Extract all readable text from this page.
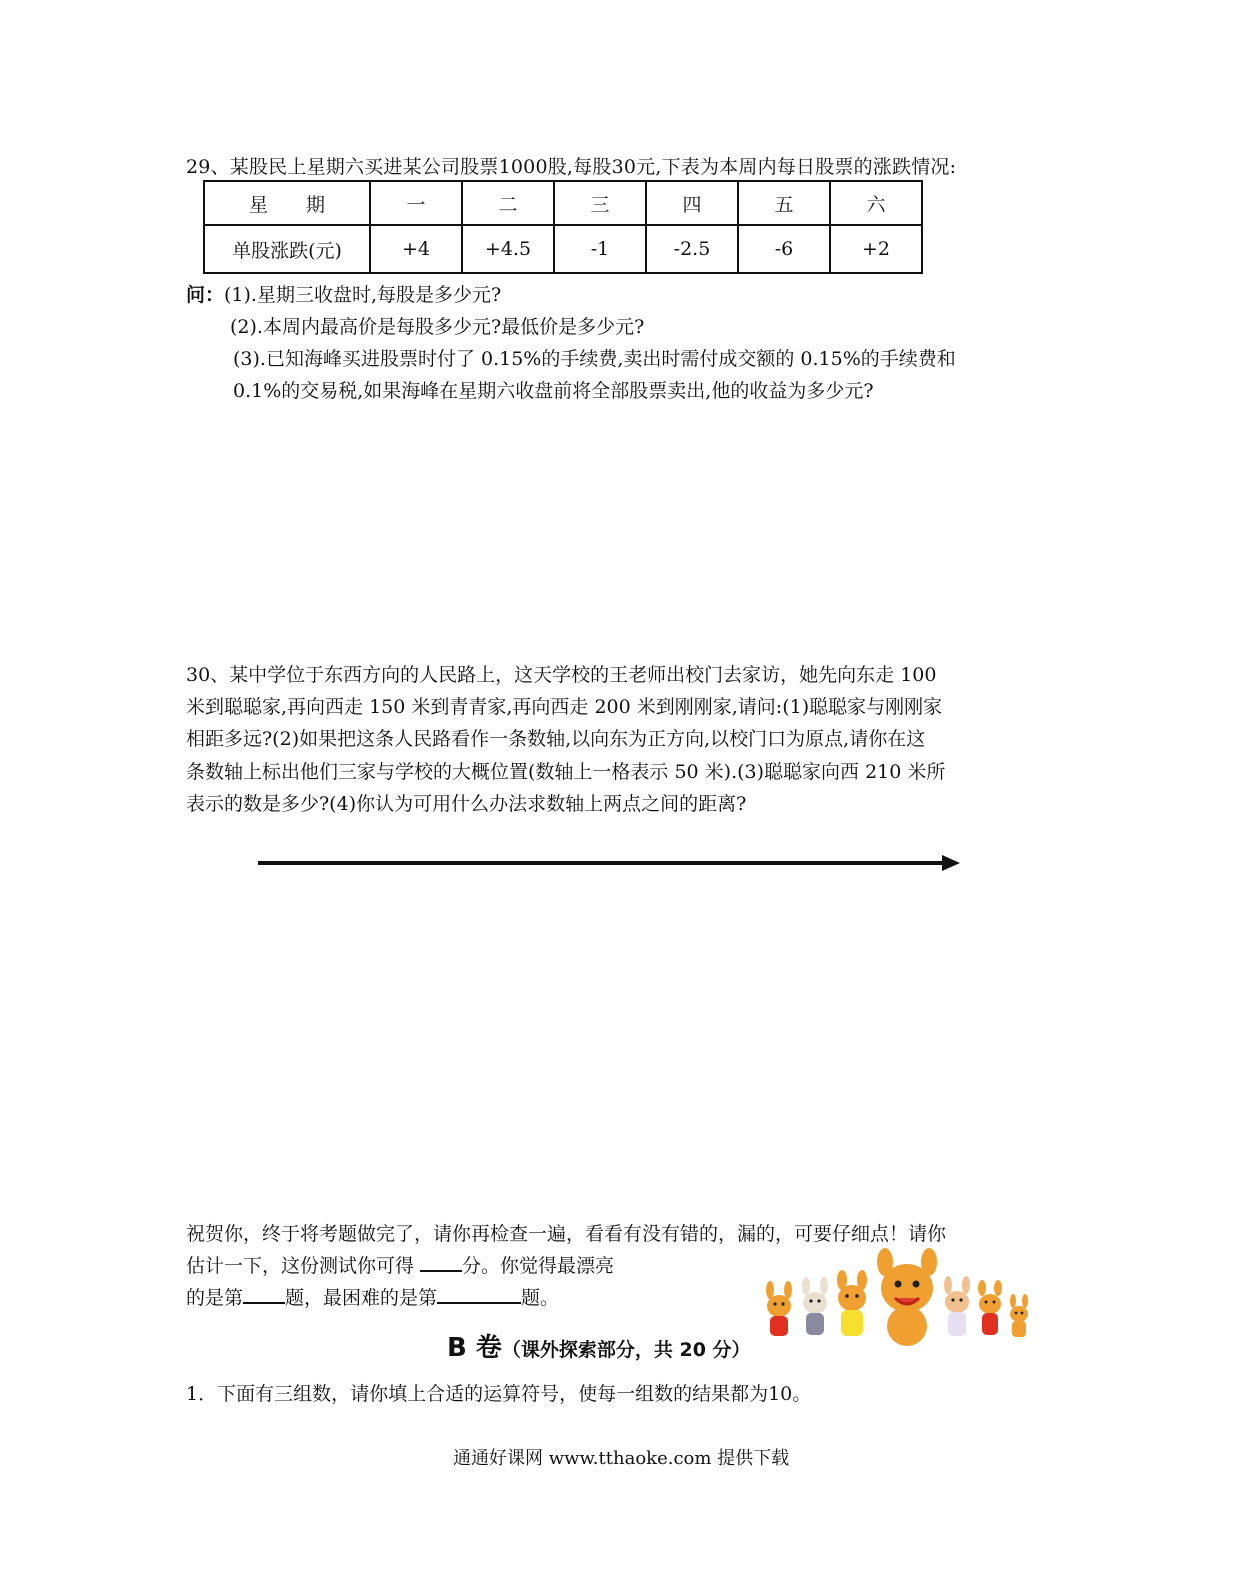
29、某股民上星期六买进某公司股票1000股,每股30元,下表为本周内每日股票的涨跌情况:
星　　期	一	二	三	四	五	六
单股涨跌(元)	+4	+4.5	-1	-2.5	-6	+2
问：(1).星期三收盘时,每股是多少元?
(2).本周内最高价是每股多少元?最低价是多少元?
(3).已知海峰买进股票时付了 0.15%的手续费,卖出时需付成交额的 0.15%的手续费和
0.1%的交易税,如果海峰在星期六收盘前将全部股票卖出,他的收益为多少元?
30、某中学位于东西方向的人民路上，这天学校的王老师出校门去家访，她先向东走 100
米到聪聪家,再向西走 150 米到青青家,再向西走 200 米到刚刚家,请问:(1)聪聪家与刚刚家
相距多远?(2)如果把这条人民路看作一条数轴,以向东为正方向,以校门口为原点,请你在这
条数轴上标出他们三家与学校的大概位置(数轴上一格表示 50 米).(3)聪聪家向西 210 米所
表示的数是多少?(4)你认为可用什么办法求数轴上两点之间的距离?
祝贺你，终于将考题做完了，请你再检查一遍，看看有没有错的，漏的，可要仔细点！请你
估计一下，这份测试你可得 分。你觉得最漂亮
的是第 题，最困难的是第	题。
B 卷（课外探索部分，共 20 分）
1．下面有三组数，请你填上合适的运算符号，使每一组数的结果都为10。
通通好课网 www.tthaoke.com 提供下载
